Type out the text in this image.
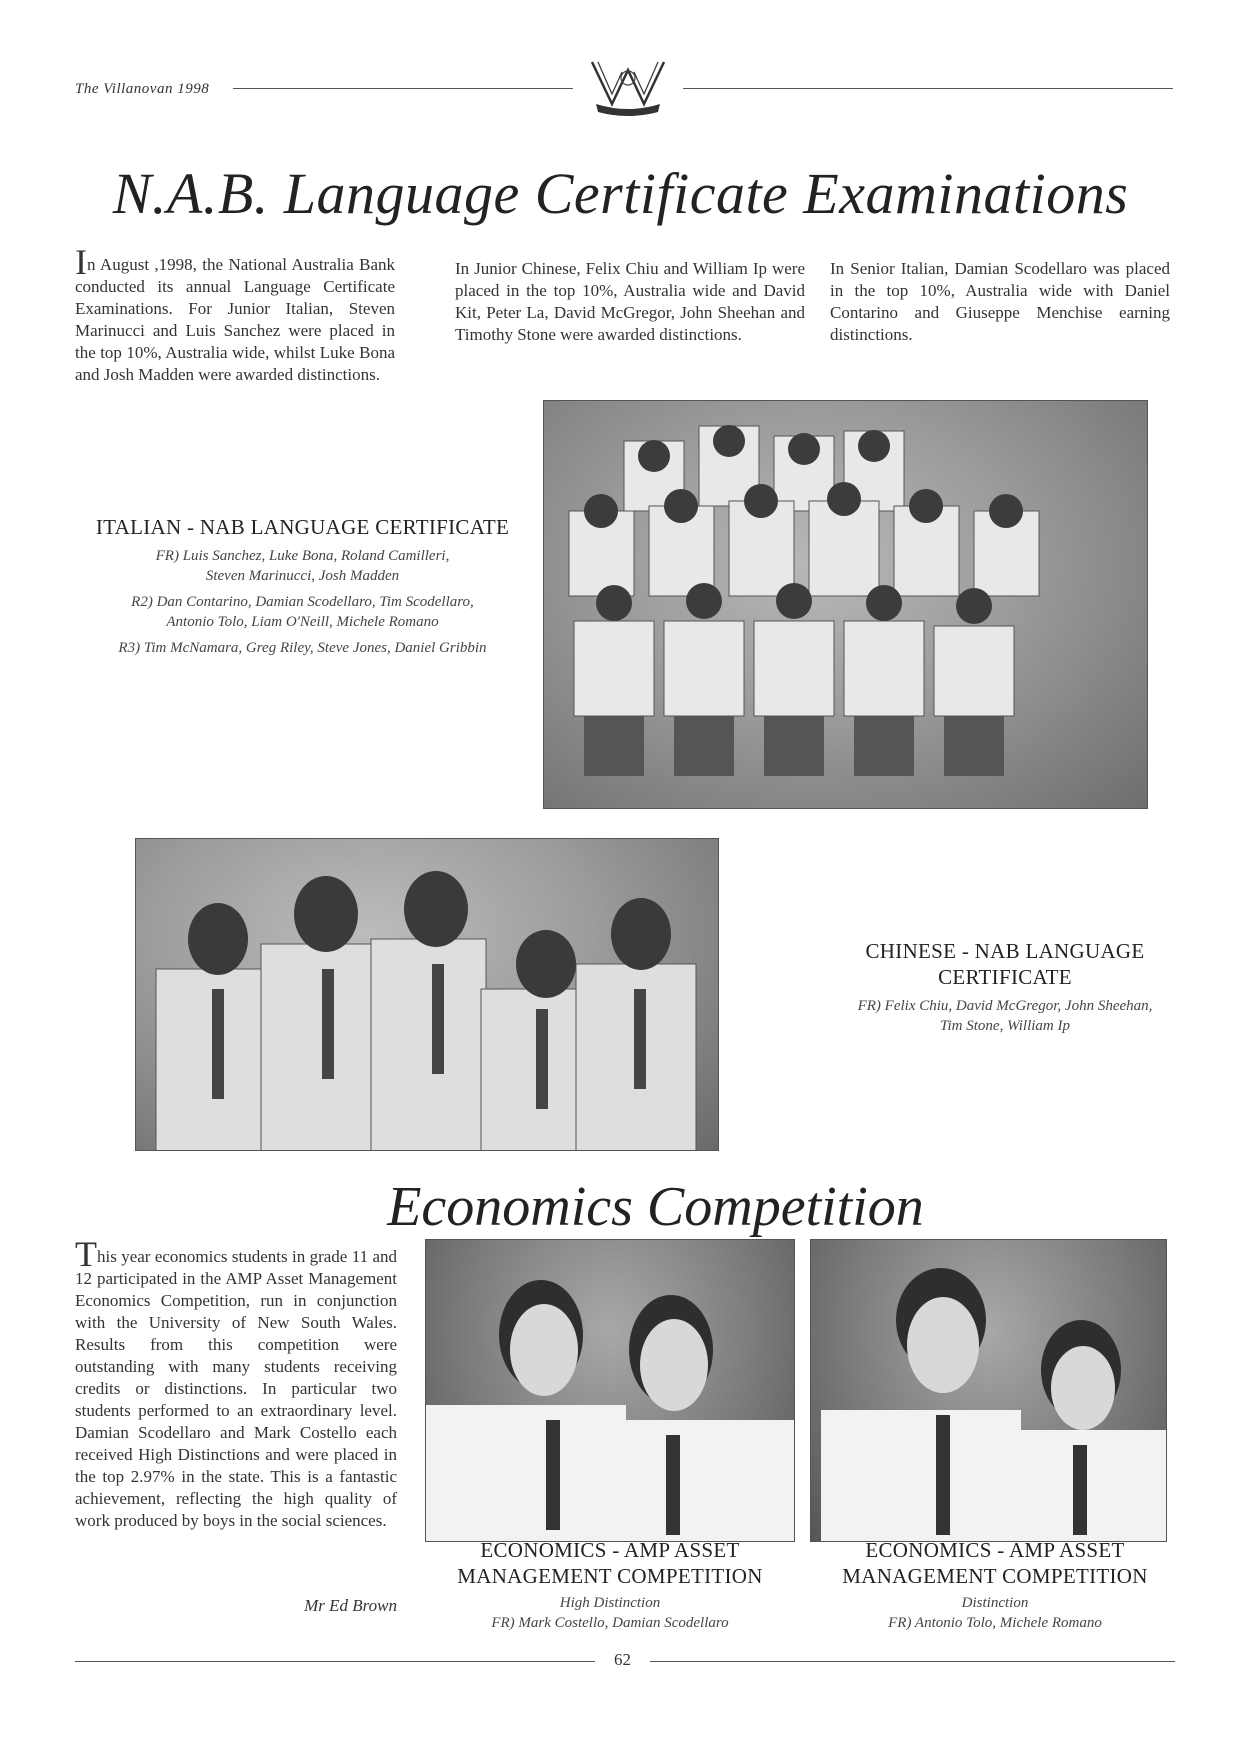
The Villanovan 1998
N.A.B. Language Certificate Examinations
In August ,1998, the National Australia Bank conducted its annual Language Certificate Examinations. For Junior Italian, Steven Marinucci and Luis Sanchez were placed in the top 10%, Australia wide, whilst Luke Bona and Josh Madden were awarded distinctions.
In Junior Chinese, Felix Chiu and William Ip were placed in the top 10%, Australia wide and David Kit, Peter La, David McGregor, John Sheehan and Timothy Stone were awarded distinctions.
In Senior Italian, Damian Scodellaro was placed in the top 10%, Australia wide with Daniel Contarino and Giuseppe Menchise earning distinctions.
ITALIAN - NAB LANGUAGE CERTIFICATE
FR) Luis Sanchez, Luke Bona, Roland Camilleri,
Steven Marinucci, Josh Madden
R2) Dan Contarino, Damian Scodellaro, Tim Scodellaro,
Antonio Tolo, Liam O'Neill, Michele Romano
R3) Tim McNamara, Greg Riley, Steve Jones, Daniel Gribbin
CHINESE - NAB LANGUAGE
CERTIFICATE
FR) Felix Chiu, David McGregor, John Sheehan,
Tim Stone, William Ip
Economics Competition
This year economics students in grade 11 and 12 participated in the AMP Asset Management Economics Competition, run in conjunction with the University of New South Wales. Results from this competition were outstanding with many students receiving credits or distinctions. In particular two students performed to an extraordinary level. Damian Scodellaro and Mark Costello each received High Distinctions and were placed in the top 2.97% in the state. This is a fantastic achievement, reflecting the high quality of work produced by boys in the social sciences.
Mr Ed Brown
ECONOMICS - AMP ASSET
MANAGEMENT COMPETITION
High Distinction
FR) Mark Costello, Damian Scodellaro
ECONOMICS - AMP ASSET
MANAGEMENT COMPETITION
Distinction
FR) Antonio Tolo, Michele Romano
62
